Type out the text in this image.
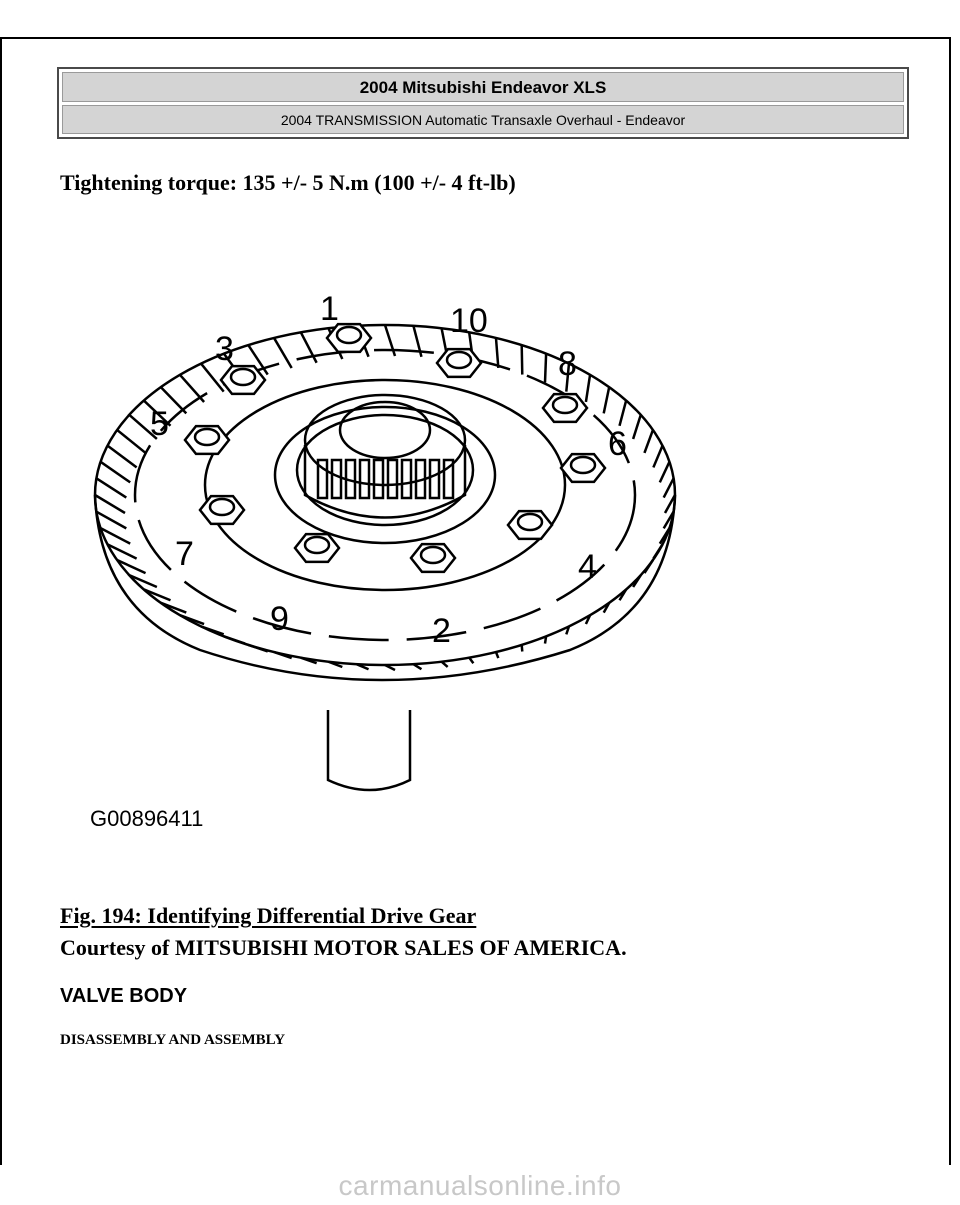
2004 Mitsubishi Endeavor XLS
2004 TRANSMISSION Automatic Transaxle Overhaul - Endeavor
Tightening torque: 135 +/- 5 N.m (100 +/- 4 ft-lb)
1
2
3
4
5
6
7
8
9
10
G00896411
Fig. 194: Identifying Differential Drive Gear
Courtesy of MITSUBISHI MOTOR SALES OF AMERICA.
VALVE BODY
DISASSEMBLY AND ASSEMBLY
carmanualsonline.info
